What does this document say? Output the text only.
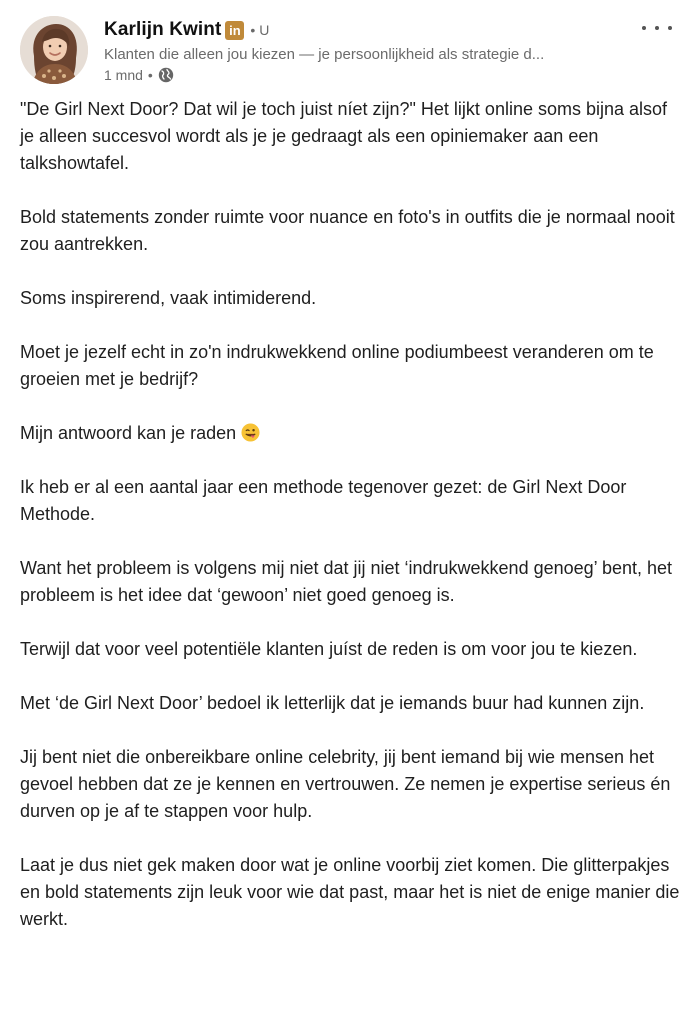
Karlijn Kwint in • U
Klanten die alleen jou kiezen — je persoonlijkheid als strategie d...
1 mnd •

"De Girl Next Door? Dat wil je toch juist níet zijn?" Het lijkt online soms bijna alsof je alleen succesvol wordt als je je gedraagt als een opiniemaker aan een talkshowtafel.

Bold statements zonder ruimte voor nuance en foto's in outfits die je normaal nooit zou aantrekken.

Soms inspirerend, vaak intimiderend.

Moet je jezelf echt in zo'n indrukwekkend online podiumbeest veranderen om te groeien met je bedrijf?

Mijn antwoord kan je raden

Ik heb er al een aantal jaar een methode tegenover gezet: de Girl Next Door Methode.

Want het probleem is volgens mij niet dat jij niet ‘indrukwekkend genoeg’ bent, het probleem is het idee dat ‘gewoon’ niet goed genoeg is.

Terwijl dat voor veel potentiële klanten juíst de reden is om voor jou te kiezen.

Met ‘de Girl Next Door’ bedoel ik letterlijk dat je iemands buur had kunnen zijn.

Jij bent niet die onbereikbare online celebrity, jij bent iemand bij wie mensen het gevoel hebben dat ze je kennen en vertrouwen. Ze nemen je expertise serieus én durven op je af te stappen voor hulp.

Laat je dus niet gek maken door wat je online voorbij ziet komen. Die glitterpakjes en bold statements zijn leuk voor wie dat past, maar het is niet de enige manier die werkt.
